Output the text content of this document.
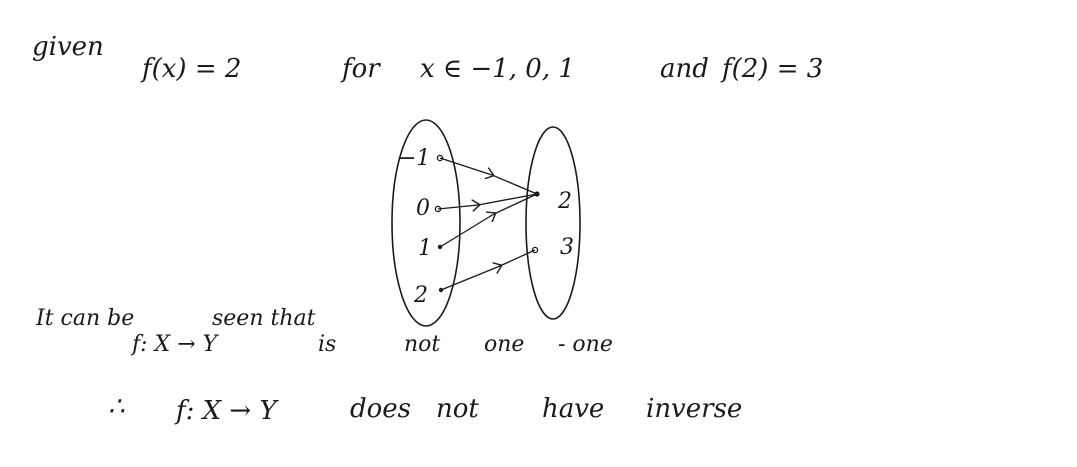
given
f(x) = 2	for x ∈ −1, 0, 1	and f(2) = 3
−1
0
1
2
2
3
It can be	seen that
f: X → Y	is	not one - one
∴ f: X → Y	does not have inverse
